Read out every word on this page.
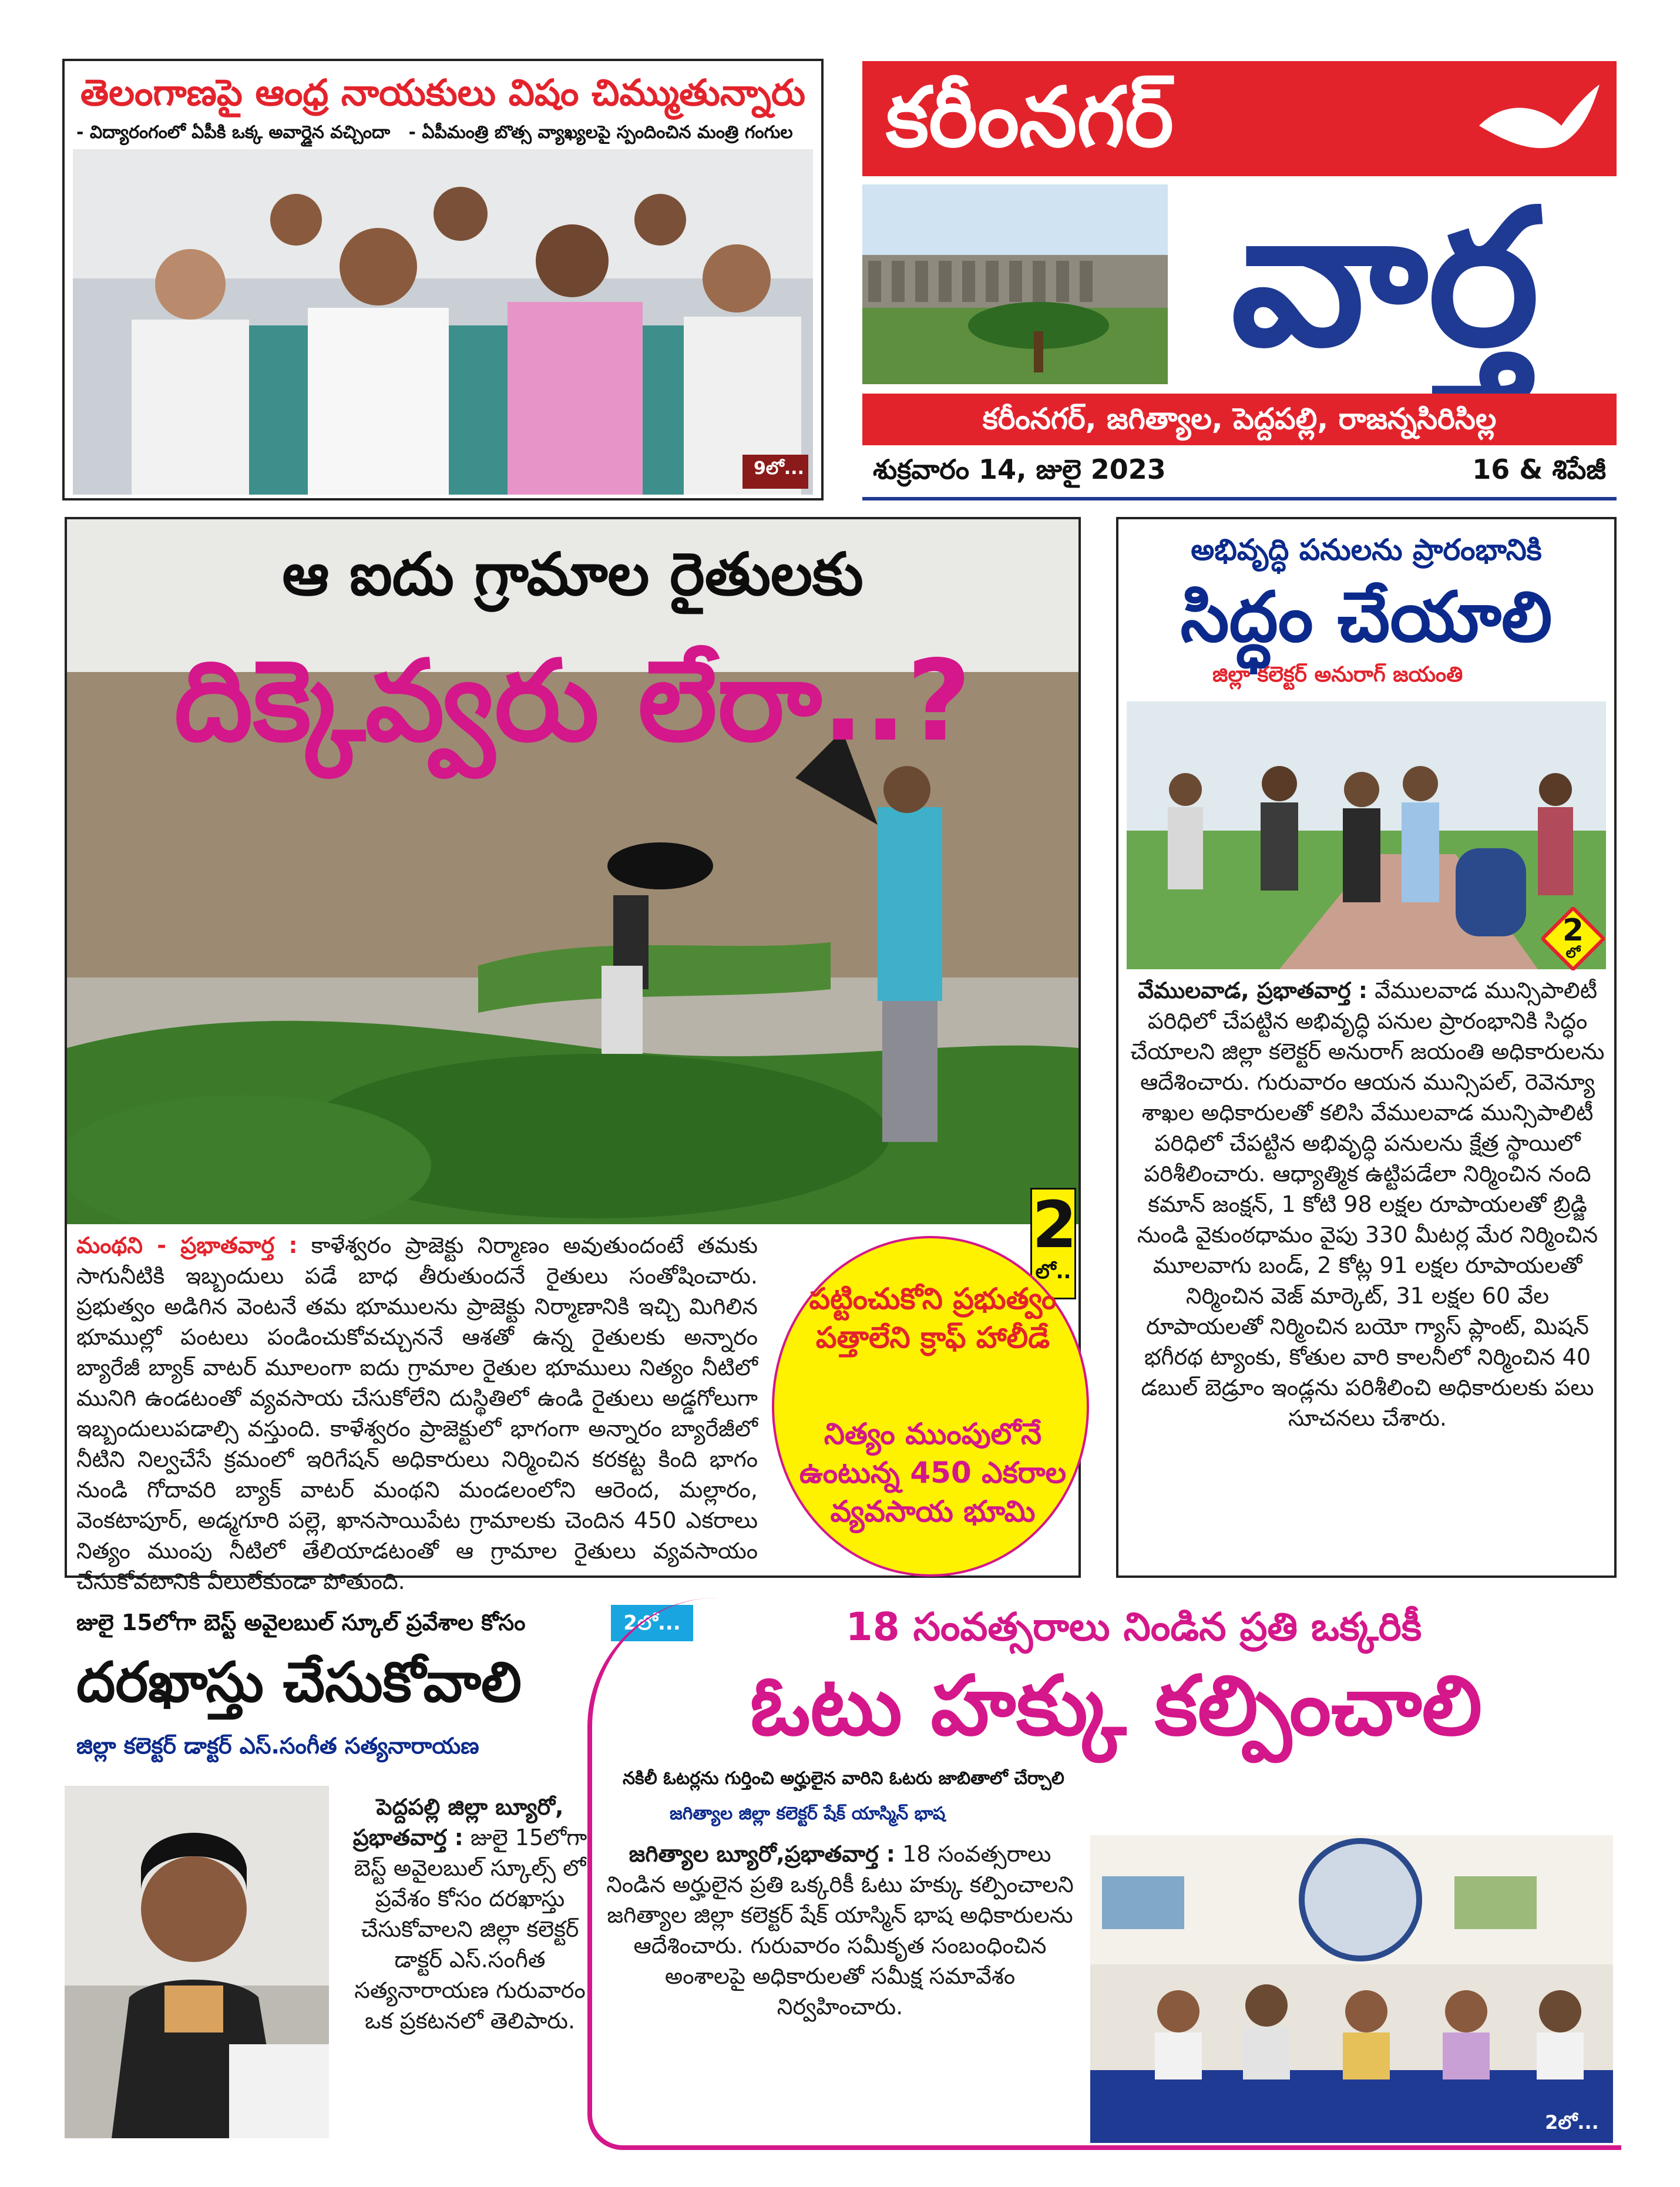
తెలంగాణపై ఆంధ్ర నాయకులు విషం చిమ్ముతున్నారు
- విద్యారంగంలో ఏపీకి ఒక్క అవార్డైన వచ్చిందా - ఏపీమంత్రి బొత్స వ్యాఖ్యలపై స్పందించిన మంత్రి గంగుల
9లో...
కరీంనగర్
వార్త
కరీంనగర్, జగిత్యాల, పెద్దపల్లి, రాజన్నసిరిసిల్ల
శుక్రవారం 14, జులై 2023	16 & శిపేజీ
ఆ ఐదు గ్రామాల రైతులకు
దిక్కెవ్వరు లేరా..?
మంథని - ప్రభాతవార్త : కాళేశ్వరం ప్రాజెక్టు నిర్మాణం అవుతుందంటే తమకు సాగునీటికి ఇబ్బందులు పడే బాధ తీరుతుందనే రైతులు సంతోషించారు. ప్రభుత్వం అడిగిన వెంటనే తమ భూములను ప్రాజెక్టు నిర్మాణానికి ఇచ్చి మిగిలిన భూముల్లో పంటలు పండించుకోవచ్చుననే ఆశతో ఉన్న రైతులకు అన్నారం బ్యారేజీ బ్యాక్ వాటర్ మూలంగా ఐదు గ్రామాల రైతుల భూములు నిత్యం నీటిలో మునిగి ఉండటంతో వ్యవసాయ చేసుకోలేని దుస్థితిలో ఉండి రైతులు అడ్డగోలుగా ఇబ్బందులుపడాల్సి వస్తుంది. కాళేశ్వరం ప్రాజెక్టులో భాగంగా అన్నారం బ్యారేజీలో నీటిని నిల్వచేసే క్రమంలో ఇరిగేషన్ అధికారులు నిర్మించిన కరకట్ట కింది భాగం నుండి గోదావరి బ్యాక్ వాటర్ మంథని మండలంలోని ఆరెంద, మల్లారం, వెంకటాపూర్, అడ్మగూరి పల్లె, ఖానసాయిపేట గ్రామాలకు చెందిన 450 ఎకరాలు నిత్యం ముంపు నీటిలో తేలియాడటంతో ఆ గ్రామాల రైతులు వ్యవసాయం చేసుకోవటానికి వీలులేకుండా పోతుంది.
2
లో..
పట్టించుకోని ప్రభుత్వం పత్తాలేని క్రాఫ్ హాలీడే
నిత్యం ముంపులోనే ఉంటున్న 450 ఎకరాల వ్యవసాయ భూమి
అభివృద్ధి పనులను ప్రారంభానికి
సిద్ధం చేయాలి
జిల్లా కలెక్టర్ అనురాగ్ జయంతి
2
లో
వేములవాడ, ప్రభాతవార్త : వేములవాడ మున్సిపాలిటీ పరిధిలో చేపట్టిన అభివృద్ధి పనుల ప్రారంభానికి సిద్ధం చేయాలని జిల్లా కలెక్టర్ అనురాగ్ జయంతి అధికారులను ఆదేశించారు. గురువారం ఆయన మున్సిపల్, రెవెన్యూ శాఖల అధికారులతో కలిసి వేములవాడ మున్సిపాలిటీ పరిధిలో చేపట్టిన అభివృద్ధి పనులను క్షేత్ర స్థాయిలో పరిశీలించారు. ఆధ్యాత్మిక ఉట్టిపడేలా నిర్మించిన నంది కమాన్ జంక్షన్, 1 కోటి 98 లక్షల రూపాయలతో బ్రిడ్జి నుండి వైకుంఠధామం వైపు 330 మీటర్ల మేర నిర్మించిన మూలవాగు బండ్, 2 కోట్ల 91 లక్షల రూపాయలతో నిర్మించిన వెజ్ మార్కెట్, 31 లక్షల 60 వేల రూపాయలతో నిర్మించిన బయో గ్యాస్ ప్లాంట్, మిషన్ భగీరథ ట్యాంకు, కోతుల వారి కాలనీలో నిర్మించిన 40 డబుల్ బెడ్రూం ఇండ్లను పరిశీలించి అధికారులకు పలు సూచనలు చేశారు.
జులై 15లోగా బెస్ట్ అవైలబుల్ స్కూల్ ప్రవేశాల కోసం	2లో...
దరఖాస్తు చేసుకోవాలి
జిల్లా కలెక్టర్ డాక్టర్ ఎస్.సంగీత సత్యనారాయణ
పెద్దపల్లి జిల్లా బ్యూరో, ప్రభాతవార్త : జులై 15లోగా బెస్ట్ అవైలబుల్ స్కూల్స్ లో ప్రవేశం కోసం దరఖాస్తు చేసుకోవాలని జిల్లా కలెక్టర్ డాక్టర్ ఎస్.సంగీత సత్యనారాయణ గురువారం ఒక ప్రకటనలో తెలిపారు.
18 సంవత్సరాలు నిండిన ప్రతి ఒక్కరికీ
ఓటు హక్కు కల్పించాలి
నకిలీ ఓటర్లను గుర్తించి అర్హులైన వారిని ఓటరు జాబితాలో చేర్చాలి
జగిత్యాల జిల్లా కలెక్టర్ షేక్ యాస్మిన్ భాష
జగిత్యాల బ్యూరో,ప్రభాతవార్త : 18 సంవత్సరాలు నిండిన అర్హులైన ప్రతి ఒక్కరికీ ఓటు హక్కు కల్పించాలని జగిత్యాల జిల్లా కలెక్టర్ షేక్ యాస్మిన్ భాష అధికారులను ఆదేశించారు. గురువారం సమీకృత సంబంధించిన అంశాలపై అధికారులతో సమీక్ష సమావేశం నిర్వహించారు.
2లో...
